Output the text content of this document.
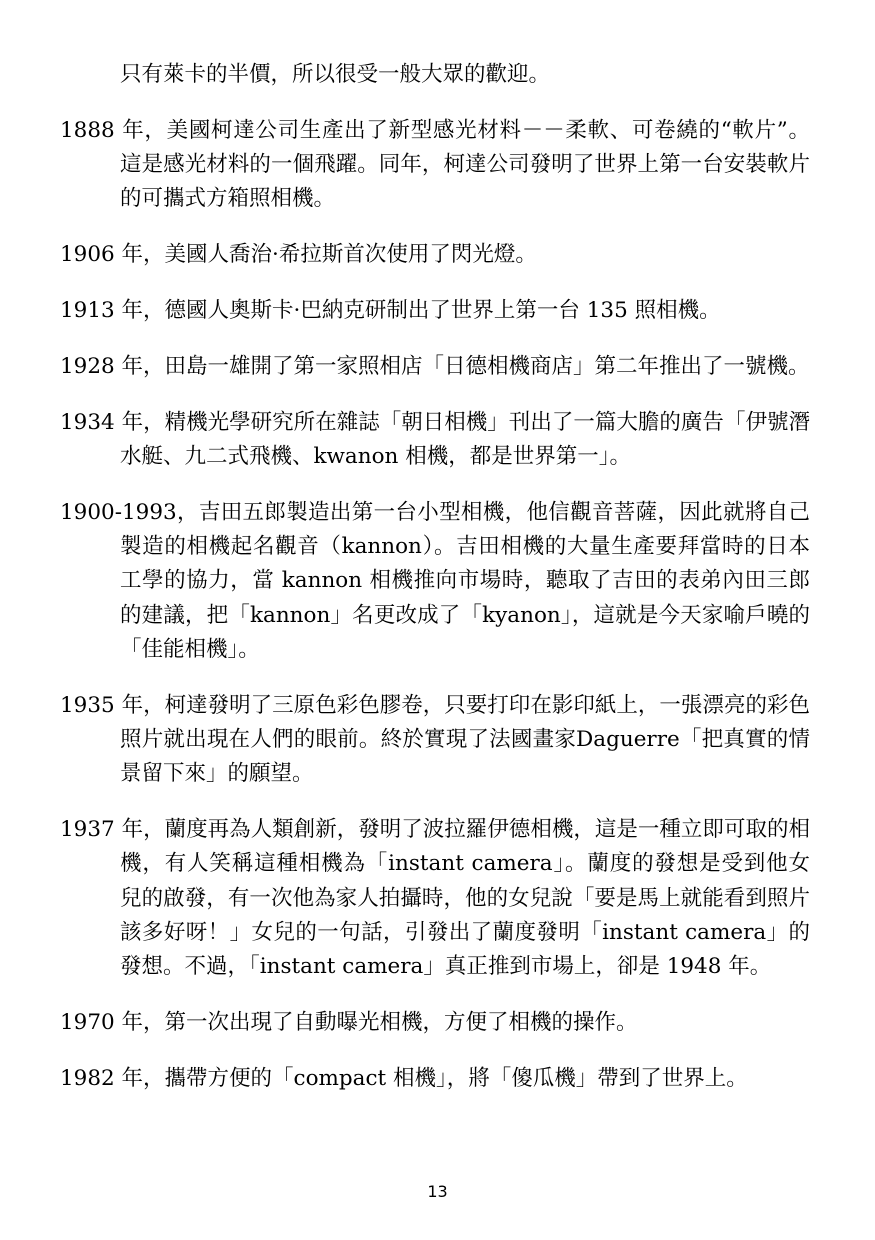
只有萊卡的半價，所以很受一般大眾的歡迎。

1888 年，美國柯達公司生產出了新型感光材料－－柔軟、可卷繞的“軟片”。這是感光材料的一個飛躍。同年，柯達公司發明了世界上第一台安裝軟片的可攜式方箱照相機。

1906 年，美國人喬治·希拉斯首次使用了閃光燈。

1913 年，德國人奧斯卡·巴納克研制出了世界上第一台 135 照相機。

1928 年，田島一雄開了第一家照相店「日德相機商店」第二年推出了一號機。

1934 年，精機光學研究所在雜誌「朝日相機」刊出了一篇大膽的廣告「伊號潛水艇、九二式飛機、kwanon 相機，都是世界第一」。

1900-1993，吉田五郎製造出第一台小型相機，他信觀音菩薩，因此就將自己製造的相機起名觀音（kannon）。吉田相機的大量生產要拜當時的日本工學的協力，當 kannon 相機推向市場時，聽取了吉田的表弟內田三郎的建議，把「kannon」名更改成了「kyanon」，這就是今天家喻戶曉的「佳能相機」。

1935 年，柯達發明了三原色彩色膠卷，只要打印在影印紙上，一張漂亮的彩色照片就出現在人們的眼前。終於實現了法國畫家Daguerre「把真實的情景留下來」的願望。

1937 年，蘭度再為人類創新，發明了波拉羅伊德相機，這是一種立即可取的相機，有人笑稱這種相機為「instant camera」。蘭度的發想是受到他女兒的啟發，有一次他為家人拍攝時，他的女兒說「要是馬上就能看到照片該多好呀！」女兒的一句話，引發出了蘭度發明「instant camera」的發想。不過，「instant camera」真正推到市場上，卻是 1948 年。

1970 年，第一次出現了自動曝光相機，方便了相機的操作。

1982 年，攜帶方便的「compact 相機」，將「傻瓜機」帶到了世界上。

13
